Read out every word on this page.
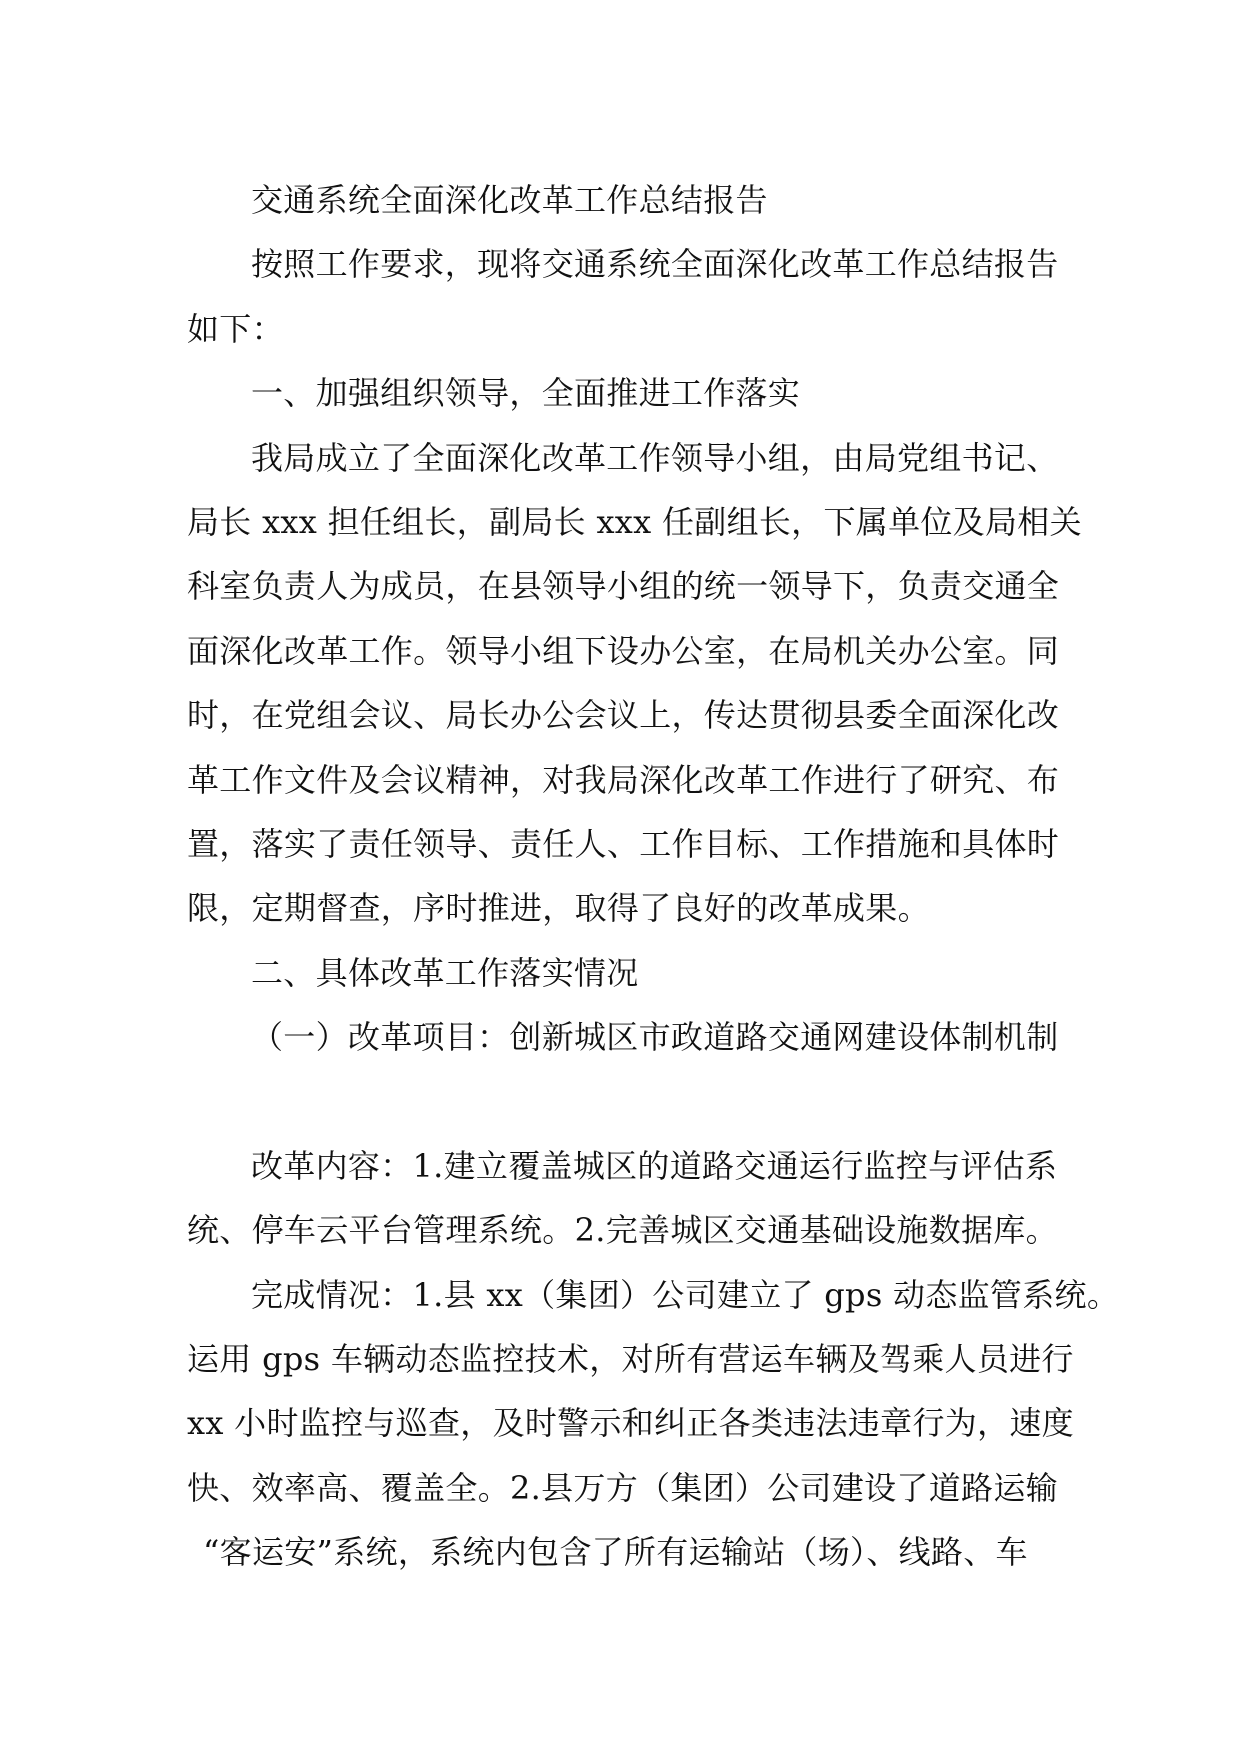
交通系统全面深化改革工作总结报告
按照工作要求，现将交通系统全面深化改革工作总结报告
如下：
一、加强组织领导，全面推进工作落实
我局成立了全面深化改革工作领导小组，由局党组书记、
局长 xxx 担任组长，副局长 xxx 任副组长，下属单位及局相关
科室负责人为成员，在县领导小组的统一领导下，负责交通全
面深化改革工作。领导小组下设办公室，在局机关办公室。同
时，在党组会议、局长办公会议上，传达贯彻县委全面深化改
革工作文件及会议精神，对我局深化改革工作进行了研究、布
置，落实了责任领导、责任人、工作目标、工作措施和具体时
限，定期督查，序时推进，取得了良好的改革成果。
二、具体改革工作落实情况
（一）改革项目：创新城区市政道路交通网建设体制机制
改革内容：1.建立覆盖城区的道路交通运行监控与评估系
统、停车云平台管理系统。2.完善城区交通基础设施数据库。
完成情况：1.县 xx（集团）公司建立了 gps 动态监管系统。
运用 gps 车辆动态监控技术，对所有营运车辆及驾乘人员进行
xx 小时监控与巡查，及时警示和纠正各类违法违章行为，速度
快、效率高、覆盖全。2.县万方（集团）公司建设了道路运输
“客运安”系统，系统内包含了所有运输站（场）、线路、车
